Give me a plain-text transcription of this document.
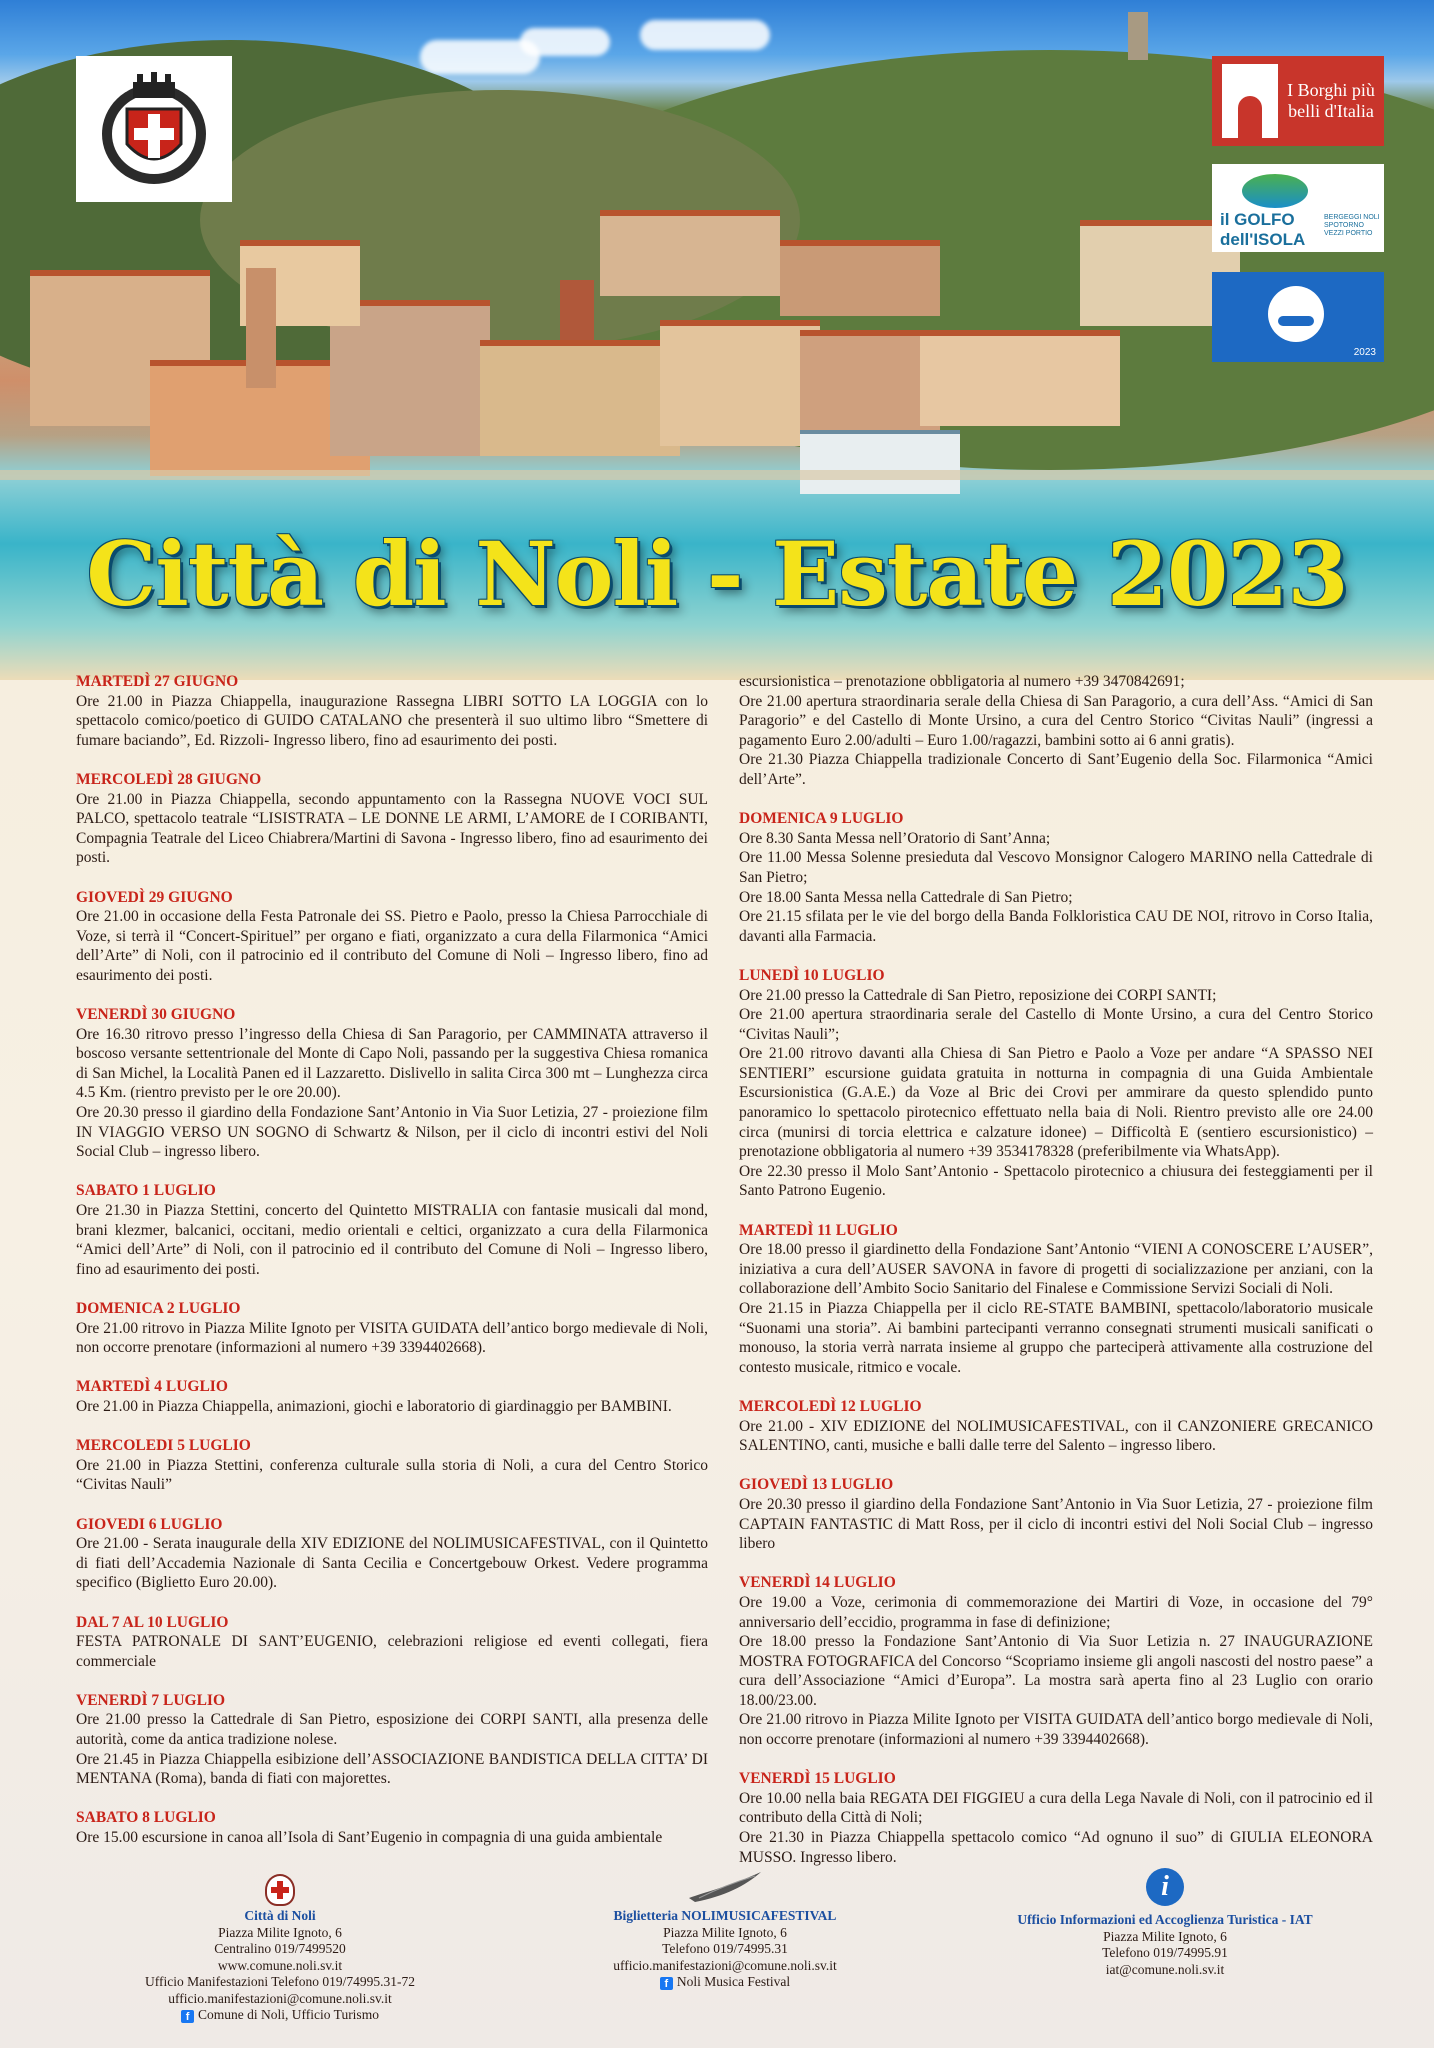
I Borghi più belli d'Italia
il GOLFO dell'ISOLA
BERGEGGI NOLI SPOTORNO VEZZI PORTIO
2023
Città di Noli - Estate 2023
MARTEDÌ 27 GIUGNO

Ore 21.00 in Piazza Chiappella, inaugurazione Rassegna LIBRI SOTTO LA LOGGIA con lo spettacolo comico/poetico di GUIDO CATALANO che presenterà il suo ultimo libro “Smettere di fumare baciando”, Ed. Rizzoli- Ingresso libero, fino ad esaurimento dei posti.

MERCOLEDÌ 28 GIUGNO

Ore 21.00 in Piazza Chiappella, secondo appuntamento con la Rassegna NUOVE VOCI SUL PALCO, spettacolo teatrale “LISISTRATA – LE DONNE LE ARMI, L’AMORE de I CORIBANTI, Compagnia Teatrale del Liceo Chiabrera/Martini di Savona - Ingresso libero, fino ad esaurimento dei posti.

GIOVEDÌ 29 GIUGNO

Ore 21.00 in occasione della Festa Patronale dei SS. Pietro e Paolo, presso la Chiesa Parrocchiale di Voze, si terrà il “Concert-Spirituel” per organo e fiati, organizzato a cura della Filarmonica “Amici dell’Arte” di Noli, con il patrocinio ed il contributo del Comune di Noli – Ingresso libero, fino ad esaurimento dei posti.

VENERDÌ 30 GIUGNO

Ore 16.30 ritrovo presso l’ingresso della Chiesa di San Paragorio, per CAMMINATA attraverso il boscoso versante settentrionale del Monte di Capo Noli, passando per la suggestiva Chiesa romanica di San Michel, la Località Panen ed il Lazzaretto. Dislivello in salita Circa 300 mt – Lunghezza circa 4.5 Km. (rientro previsto per le ore 20.00).

Ore 20.30 presso il giardino della Fondazione Sant’Antonio in Via Suor Letizia, 27 - proiezione film IN VIAGGIO VERSO UN SOGNO di Schwartz & Nilson, per il ciclo di incontri estivi del Noli Social Club – ingresso libero.

SABATO 1 LUGLIO

Ore 21.30 in Piazza Stettini, concerto del Quintetto MISTRALIA con fantasie musicali dal mond, brani klezmer, balcanici, occitani, medio orientali e celtici, organizzato a cura della Filarmonica “Amici dell’Arte” di Noli, con il patrocinio ed il contributo del Comune di Noli – Ingresso libero, fino ad esaurimento dei posti.

DOMENICA 2 LUGLIO

Ore 21.00 ritrovo in Piazza Milite Ignoto per VISITA GUIDATA dell’antico borgo medievale di Noli, non occorre prenotare (informazioni al numero +39 3394402668).

MARTEDÌ 4 LUGLIO

Ore 21.00 in Piazza Chiappella, animazioni, giochi e laboratorio di giardinaggio per BAMBINI.

MERCOLEDI 5 LUGLIO

Ore 21.00 in Piazza Stettini, conferenza culturale sulla storia di Noli, a cura del Centro Storico “Civitas Nauli”

GIOVEDI 6 LUGLIO

Ore 21.00 - Serata inaugurale della XIV EDIZIONE del NOLIMUSICAFESTIVAL, con il Quintetto di fiati dell’Accademia Nazionale di Santa Cecilia e Concertgebouw Orkest. Vedere programma specifico (Biglietto Euro 20.00).

DAL 7 AL 10 LUGLIO

FESTA PATRONALE DI SANT’EUGENIO, celebrazioni religiose ed eventi collegati, fiera commerciale

VENERDÌ 7 LUGLIO

Ore 21.00 presso la Cattedrale di San Pietro, esposizione dei CORPI SANTI, alla presenza delle autorità, come da antica tradizione nolese.

Ore 21.45 in Piazza Chiappella esibizione dell’ASSOCIAZIONE BANDISTICA DELLA CITTA’ DI MENTANA (Roma), banda di fiati con majorettes.

SABATO 8 LUGLIO

Ore 15.00 escursione in canoa all’Isola di Sant’Eugenio in compagnia di una guida ambientale

escursionistica – prenotazione obbligatoria al numero +39 3470842691;

Ore 21.00 apertura straordinaria serale della Chiesa di San Paragorio, a cura dell’Ass. “Amici di San Paragorio” e del Castello di Monte Ursino, a cura del Centro Storico “Civitas Nauli” (ingressi a pagamento Euro 2.00/adulti – Euro 1.00/ragazzi, bambini sotto ai 6 anni gratis).

Ore 21.30 Piazza Chiappella tradizionale Concerto di Sant’Eugenio della Soc. Filarmonica “Amici dell’Arte”.

DOMENICA 9 LUGLIO

Ore 8.30 Santa Messa nell’Oratorio di Sant’Anna;

Ore 11.00 Messa Solenne presieduta dal Vescovo Monsignor Calogero MARINO nella Cattedrale di San Pietro;

Ore 18.00 Santa Messa nella Cattedrale di San Pietro;

Ore 21.15 sfilata per le vie del borgo della Banda Folkloristica CAU DE NOI, ritrovo in Corso Italia, davanti alla Farmacia.

LUNEDÌ 10 LUGLIO

Ore 21.00 presso la Cattedrale di San Pietro, reposizione dei CORPI SANTI;

Ore 21.00 apertura straordinaria serale del Castello di Monte Ursino, a cura del Centro Storico “Civitas Nauli”;

Ore 21.00 ritrovo davanti alla Chiesa di San Pietro e Paolo a Voze per andare “A SPASSO NEI SENTIERI” escursione guidata gratuita in notturna in compagnia di una Guida Ambientale Escursionistica (G.A.E.) da Voze al Bric dei Crovi per ammirare da questo splendido punto panoramico lo spettacolo pirotecnico effettuato nella baia di Noli. Rientro previsto alle ore 24.00 circa (munirsi di torcia elettrica e calzature idonee) – Difficoltà E (sentiero escursionistico) – prenotazione obbligatoria al numero +39 3534178328 (preferibilmente via WhatsApp).

Ore 22.30 presso il Molo Sant’Antonio - Spettacolo pirotecnico a chiusura dei festeggiamenti per il Santo Patrono Eugenio.

MARTEDÌ 11 LUGLIO

Ore 18.00 presso il giardinetto della Fondazione Sant’Antonio “VIENI A CONOSCERE L’AUSER”, iniziativa a cura dell’AUSER SAVONA in favore di progetti di socializzazione per anziani, con la collaborazione dell’Ambito Socio Sanitario del Finalese e Commissione Servizi Sociali di Noli.

Ore 21.15 in Piazza Chiappella per il ciclo RE-STATE BAMBINI, spettacolo/laboratorio musicale “Suonami una storia”. Ai bambini partecipanti verranno consegnati strumenti musicali sanificati o monouso, la storia verrà narrata insieme al gruppo che parteciperà attivamente alla costruzione del contesto musicale, ritmico e vocale.

MERCOLEDÌ 12 LUGLIO

Ore 21.00 - XIV EDIZIONE del NOLIMUSICAFESTIVAL, con il CANZONIERE GRECANICO SALENTINO, canti, musiche e balli dalle terre del Salento – ingresso libero.

GIOVEDÌ 13 LUGLIO

Ore 20.30 presso il giardino della Fondazione Sant’Antonio in Via Suor Letizia, 27 - proiezione film CAPTAIN FANTASTIC di Matt Ross, per il ciclo di incontri estivi del Noli Social Club – ingresso libero

VENERDÌ 14 LUGLIO

Ore 19.00 a Voze, cerimonia di commemorazione dei Martiri di Voze, in occasione del 79° anniversario dell’eccidio, programma in fase di definizione;

Ore 18.00 presso la Fondazione Sant’Antonio di Via Suor Letizia n. 27 INAUGURAZIONE MOSTRA FOTOGRAFICA del Concorso “Scopriamo insieme gli angoli nascosti del nostro paese” a cura dell’Associazione “Amici d’Europa”. La mostra sarà aperta fino al 23 Luglio con orario 18.00/23.00.

Ore 21.00 ritrovo in Piazza Milite Ignoto per VISITA GUIDATA dell’antico borgo medievale di Noli, non occorre prenotare (informazioni al numero +39 3394402668).

VENERDÌ 15 LUGLIO

Ore 10.00 nella baia REGATA DEI FIGGIEU a cura della Lega Navale di Noli, con il patrocinio ed il contributo della Città di Noli;

Ore 21.30 in Piazza Chiappella spettacolo comico “Ad ognuno il suo” di GIULIA ELEONORA MUSSO. Ingresso libero.

Città di Noli
Piazza Milite Ignoto, 6
Centralino 019/7499520
www.comune.noli.sv.it
Ufficio Manifestazioni Telefono 019/74995.31-72
ufficio.manifestazioni@comune.noli.sv.it
f Comune di Noli, Ufficio Turismo
Biglietteria NOLIMUSICAFESTIVAL
Piazza Milite Ignoto, 6
Telefono 019/74995.31
ufficio.manifestazioni@comune.noli.sv.it
f Noli Musica Festival
i
Ufficio Informazioni ed Accoglienza Turistica - IAT
Piazza Milite Ignoto, 6
Telefono 019/74995.91
iat@comune.noli.sv.it
